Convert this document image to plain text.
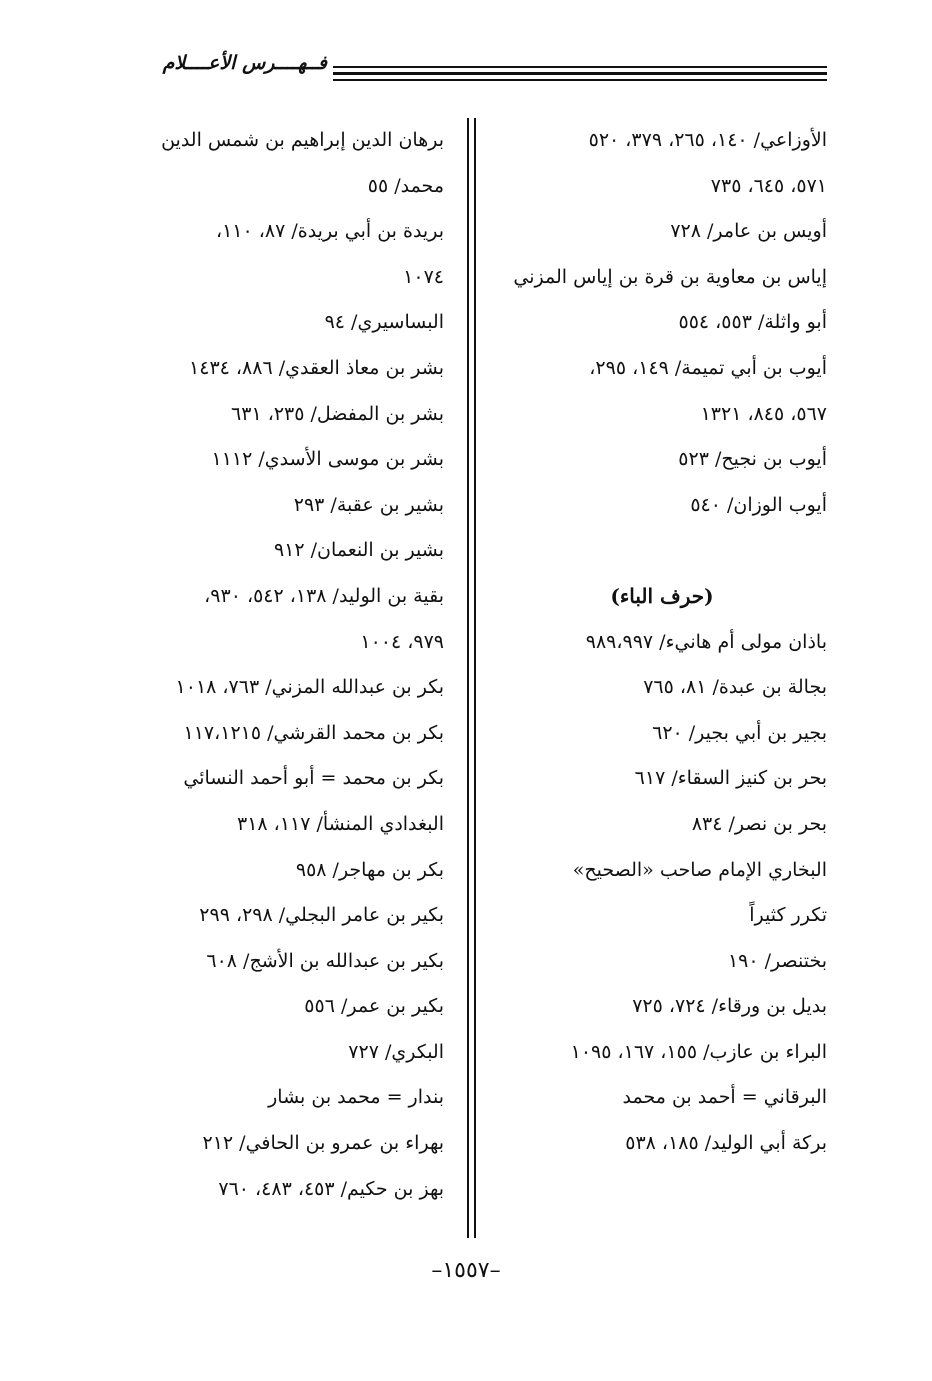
فــهــــرس الأعــــلام
الأوزاعي/ ١٤٠، ٢٦٥، ٣٧٩، ٥٢٠
٥٧١، ٦٤٥، ٧٣٥
أويس بن عامر/ ٧٢٨
إياس بن معاوية بن قرة بن إياس المزني
أبو واثلة/ ٥٥٣، ٥٥٤
أيوب بن أبي تميمة/ ١٤٩، ٢٩٥،
٥٦٧، ٨٤٥، ١٣٢١
أيوب بن نجيح/ ٥٢٣
أيوب الوزان/ ٥٤٠
(حرف الباء)
باذان مولى أم هانيء/ ٩٨٩،٩٩٧
بجالة بن عبدة/ ٨١، ٧٦٥
بجير بن أبي بجير/ ٦٢٠
بحر بن كنيز السقاء/ ٦١٧
بحر بن نصر/ ٨٣٤
البخاري الإمام صاحب «الصحيح»
تكرر كثيراً
بختنصر/ ١٩٠
بديل بن ورقاء/ ٧٢٤، ٧٢٥
البراء بن عازب/ ١٥٥، ١٦٧، ١٠٩٥
البرقاني = أحمد بن محمد
بركة أبي الوليد/ ١٨٥، ٥٣٨
برهان الدين إبراهيم بن شمس الدين
محمد/ ٥٥
بريدة بن أبي بريدة/ ٨٧، ١١٠،
١٠٧٤
البساسيري/ ٩٤
بشر بن معاذ العقدي/ ٨٨٦، ١٤٣٤
بشر بن المفضل/ ٢٣٥، ٦٣١
بشر بن موسى الأسدي/ ١١١٢
بشير بن عقبة/ ٢٩٣
بشير بن النعمان/ ٩١٢
بقية بن الوليد/ ١٣٨، ٥٤٢، ٩٣٠،
٩٧٩، ١٠٠٤
بكر بن عبدالله المزني/ ٧٦٣، ١٠١٨
بكر بن محمد القرشي/ ١١٧،١٢١٥
بكر بن محمد = أبو أحمد النسائي
البغدادي المنشأ/ ١١٧، ٣١٨
بكر بن مهاجر/ ٩٥٨
بكير بن عامر البجلي/ ٢٩٨، ٢٩٩
بكير بن عبدالله بن الأشج/ ٦٠٨
بكير بن عمر/ ٥٥٦
البكري/ ٧٢٧
بندار = محمد بن بشار
بهراء بن عمرو بن الحافي/ ٢١٢
بهز بن حكيم/ ٤٥٣، ٤٨٣، ٧٦٠
–١٥٥٧–
